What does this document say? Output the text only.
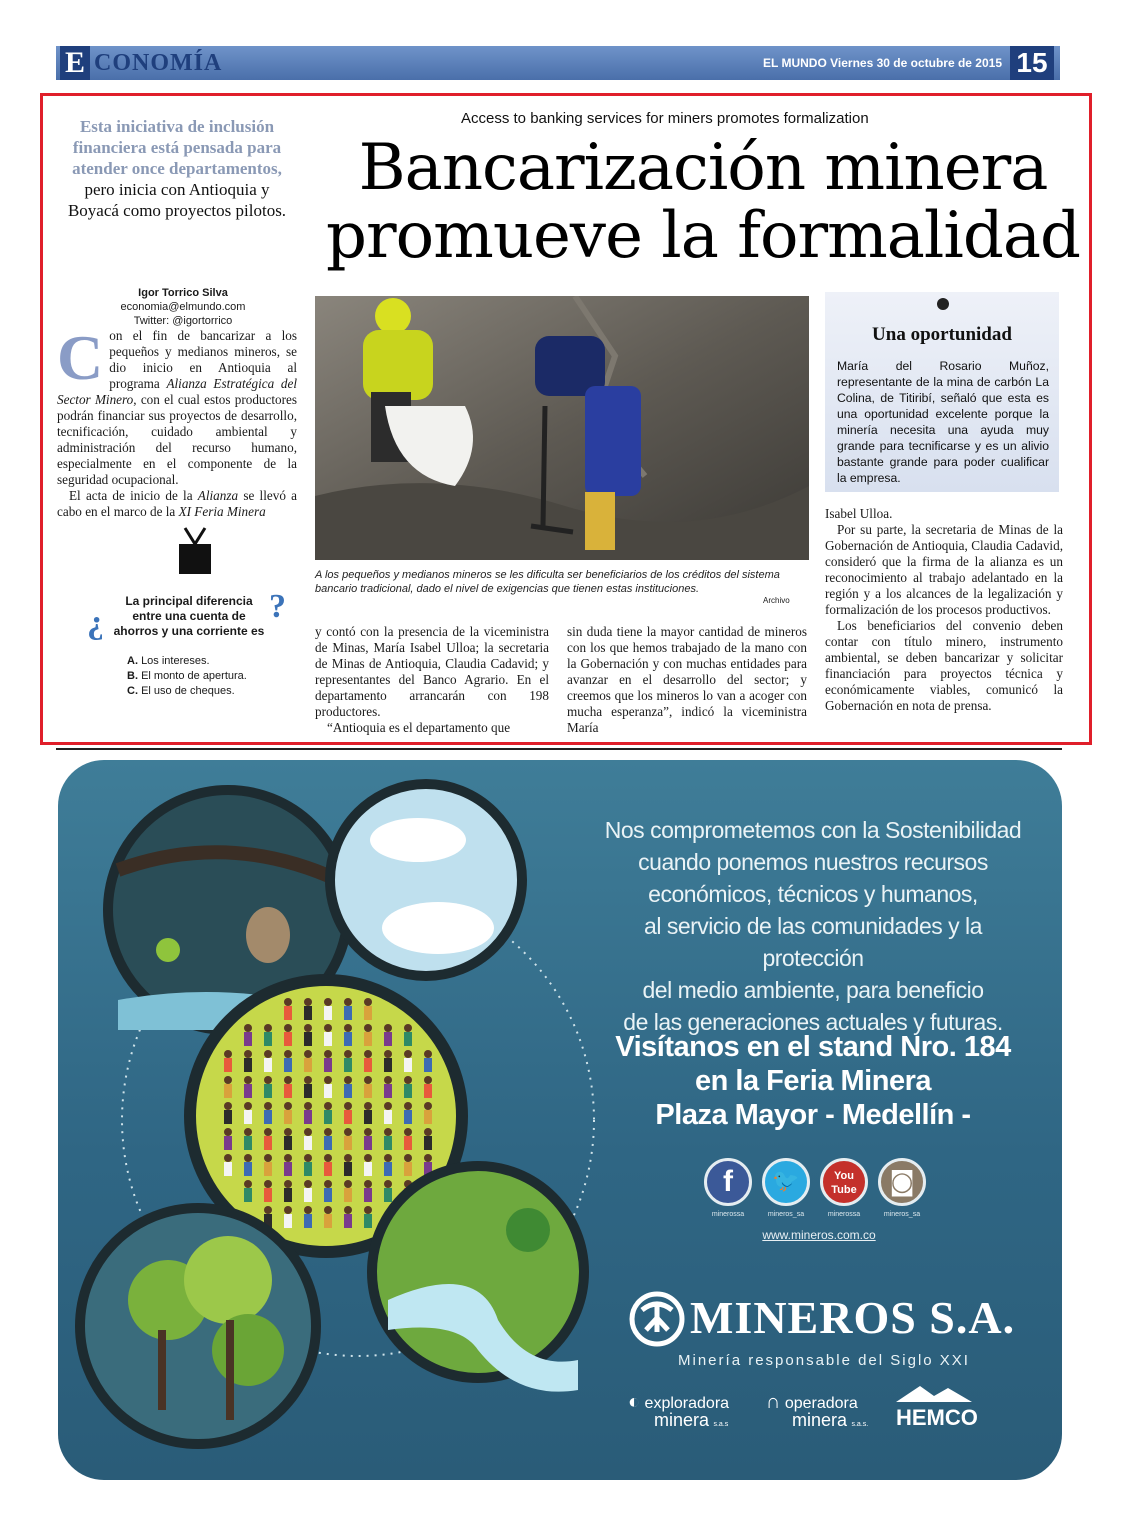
E CONOMÍA	EL MUNDO Viernes 30 de octubre de 2015 15
Access to banking services for miners promotes formalization
Bancarización minera
promueve la formalidad
Esta iniciativa de inclusión financiera está pensada para atender once departamentos, pero inicia con Antioquia y Boyacá como proyectos pilotos.
Igor Torrico Silva
economia@elmundo.com
Twitter: @igortorrico

Con el fin de bancarizar a los pequeños y medianos mineros, se dio inicio en Antioquia al programa Alianza Estratégica del Sector Minero, con el cual estos productores podrán financiar sus proyectos de desarrollo, tecnificación, cuidado ambiental y administración del recurso humano, especialmente en el componente de la seguridad ocupacional.

El acta de inicio de la Alianza se llevó a cabo en el marco de la XI Feria Minera

A los pequeños y medianos mineros se les dificulta ser beneficiarios de los créditos del sistema bancario tradicional, dado el nivel de exigencias que tienen estas instituciones.
Archivo
Una oportunidad
María del Rosario Muñoz, representante de la mina de carbón La Colina, de Titiribí, señaló que esta es una oportunidad excelente porque la minería necesita una ayuda muy grande para tecnificarse y es un alivio bastante grande para poder cualificar la empresa.

y contó con la presencia de la viceministra de Minas, María Isabel Ulloa; la secretaria de Minas de Antioquia, Claudia Cadavid; y representantes del Banco Agrario. En el departamento arrancarán con 198 productores.

“Antioquia es el departamento que

sin duda tiene la mayor cantidad de mineros con los que hemos trabajado de la mano con la Gobernación y con muchas entidades para avanzar en el desarrollo del sector; y creemos que los mineros lo van a acoger con mucha esperanza”, indicó la viceministra María

Isabel Ulloa.

Por su parte, la secretaria de Minas de la Gobernación de Antioquia, Claudia Cadavid, consideró que la firma de la alianza es un reconocimiento al trabajo adelantado en la región y a los alcances de la legalización y formalización de los procesos productivos.

Los beneficiarios del convenio deben contar con título minero, instrumento ambiental, se deben bancarizar y solicitar financiación para proyectos técnica y económicamente viables, comunicó la Gobernación en nota de prensa.

¿	?
La principal diferencia entre una cuenta de ahorros y una corriente es
A. Los intereses.
B. El monto de apertura.
C. El uso de cheques.
Nos comprometemos con la Sostenibilidad
cuando ponemos nuestros recursos
económicos, técnicos y humanos,
al servicio de las comunidades y la protección
del medio ambiente, para beneficio
de las generaciones actuales y futuras.
Visítanos en el stand Nro. 184
en la Feria Minera
Plaza Mayor - Medellín -
f
minerossa
🐦
mineros_sa
You Tube
minerossa
◙
mineros_sa
www.mineros.com.co
MINEROS S.A.
Minería responsable del Siglo XXI
◐ exploradora
minera s.a.s
∩ operadora
minera s.a.s. HEMCO
